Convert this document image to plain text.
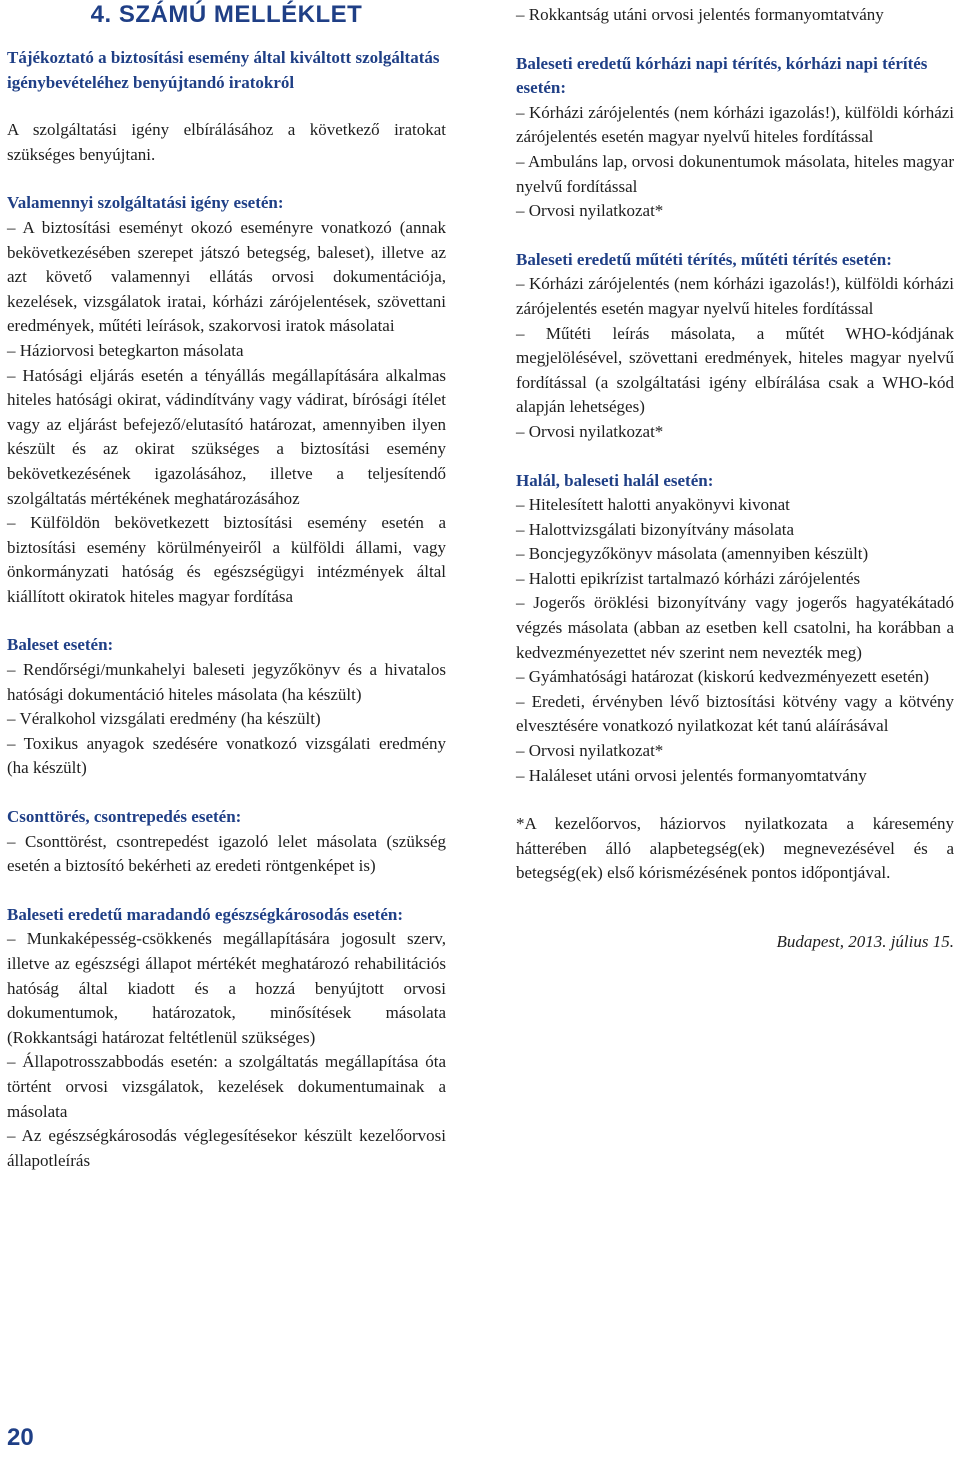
4. SZÁMÚ MELLÉKLET

Tájékoztató a biztosítási esemény által kiváltott szolgáltatás igénybevételéhez benyújtandó iratokról

A szolgáltatási igény elbírálásához a következő iratokat szükséges benyújtani.

Valamennyi szolgáltatási igény esetén:

– A biztosítási eseményt okozó eseményre vonatkozó (annak bekövetkezésében szerepet játszó betegség, baleset), illetve az azt követő valamennyi ellátás orvosi dokumentációja, kezelések, vizsgálatok iratai, kórházi zárójelentések, szövettani eredmények, műtéti leírások, szakorvosi iratok másolatai

– Háziorvosi betegkarton másolata

– Hatósági eljárás esetén a tényállás megállapítására alkalmas hiteles hatósági okirat, vádindítvány vagy vádirat, bírósági ítélet vagy az eljárást befejező/elutasító határozat, amennyiben ilyen készült és az okirat szükséges a biztosítási esemény bekövetkezésének igazolásához, illetve a teljesítendő szolgáltatás mértékének meghatározásához

– Külföldön bekövetkezett biztosítási esemény esetén a biztosítási esemény körülményeiről a külföldi állami, vagy önkormányzati hatóság és egészségügyi intézmények által kiállított okiratok hiteles magyar fordítása

Baleset esetén:

– Rendőrségi/munkahelyi baleseti jegyzőkönyv és a hivatalos hatósági dokumentáció hiteles másolata (ha készült)

– Véralkohol vizsgálati eredmény (ha készült)

– Toxikus anyagok szedésére vonatkozó vizsgálati eredmény (ha készült)

Csonttörés, csontrepedés esetén:

– Csonttörést, csontrepedést igazoló lelet másolata (szükség esetén a biztosító bekérheti az eredeti röntgenképet is)

Baleseti eredetű maradandó egészségkárosodás esetén:

– Munkaképesség-csökkenés megállapítására jogosult szerv, illetve az egészségi állapot mértékét meghatározó rehabilitációs hatóság által kiadott és a hozzá benyújtott orvosi dokumentumok, határozatok, minősítések másolata (Rokkantsági határozat feltétlenül szükséges)

– Állapotrosszabbodás esetén: a szolgáltatás megállapítása óta történt orvosi vizsgálatok, kezelések dokumentumainak a másolata

– Az egészségkárosodás véglegesítésekor készült kezelőorvosi állapotleírás

– Rokkantság utáni orvosi jelentés formanyomtatvány

Baleseti eredetű kórházi napi térítés, kórházi napi térítés esetén:

– Kórházi zárójelentés (nem kórházi igazolás!), külföldi kórházi zárójelentés esetén magyar nyelvű hiteles fordítással

– Ambuláns lap, orvosi dokunentumok másolata, hiteles magyar nyelvű fordítással

– Orvosi nyilatkozat*

Baleseti eredetű műtéti térítés, műtéti térítés esetén:

– Kórházi zárójelentés (nem kórházi igazolás!), külföldi kórházi zárójelentés esetén magyar nyelvű hiteles fordítással

– Műtéti leírás másolata, a műtét WHO-kódjának megjelölésével, szövettani eredmények, hiteles magyar nyelvű fordítással (a szolgáltatási igény elbírálása csak a WHO-kód alapján lehetséges)

– Orvosi nyilatkozat*

Halál, baleseti halál esetén:

– Hitelesített halotti anyakönyvi kivonat

– Halottvizsgálati bizonyítvány másolata

– Boncjegyzőkönyv másolata (amennyiben készült)

– Halotti epikrízist tartalmazó kórházi zárójelentés

– Jogerős öröklési bizonyítvány vagy jogerős hagyatékátadó végzés másolata (abban az esetben kell csatolni, ha korábban a kedvezményezettet név szerint nem nevezték meg)

– Gyámhatósági határozat (kiskorú kedvezményezett esetén)

– Eredeti, érvényben lévő biztosítási kötvény vagy a kötvény elvesztésére vonatkozó nyilatkozat két tanú aláírásával

– Orvosi nyilatkozat*

– Haláleset utáni orvosi jelentés formanyomtatvány

*A kezelőorvos, háziorvos nyilatkozata a káresemény hátterében álló alapbetegség(ek) megnevezésével és a betegség(ek) első kórismézésének pontos időpontjával.

Budapest, 2013. július 15.

20
